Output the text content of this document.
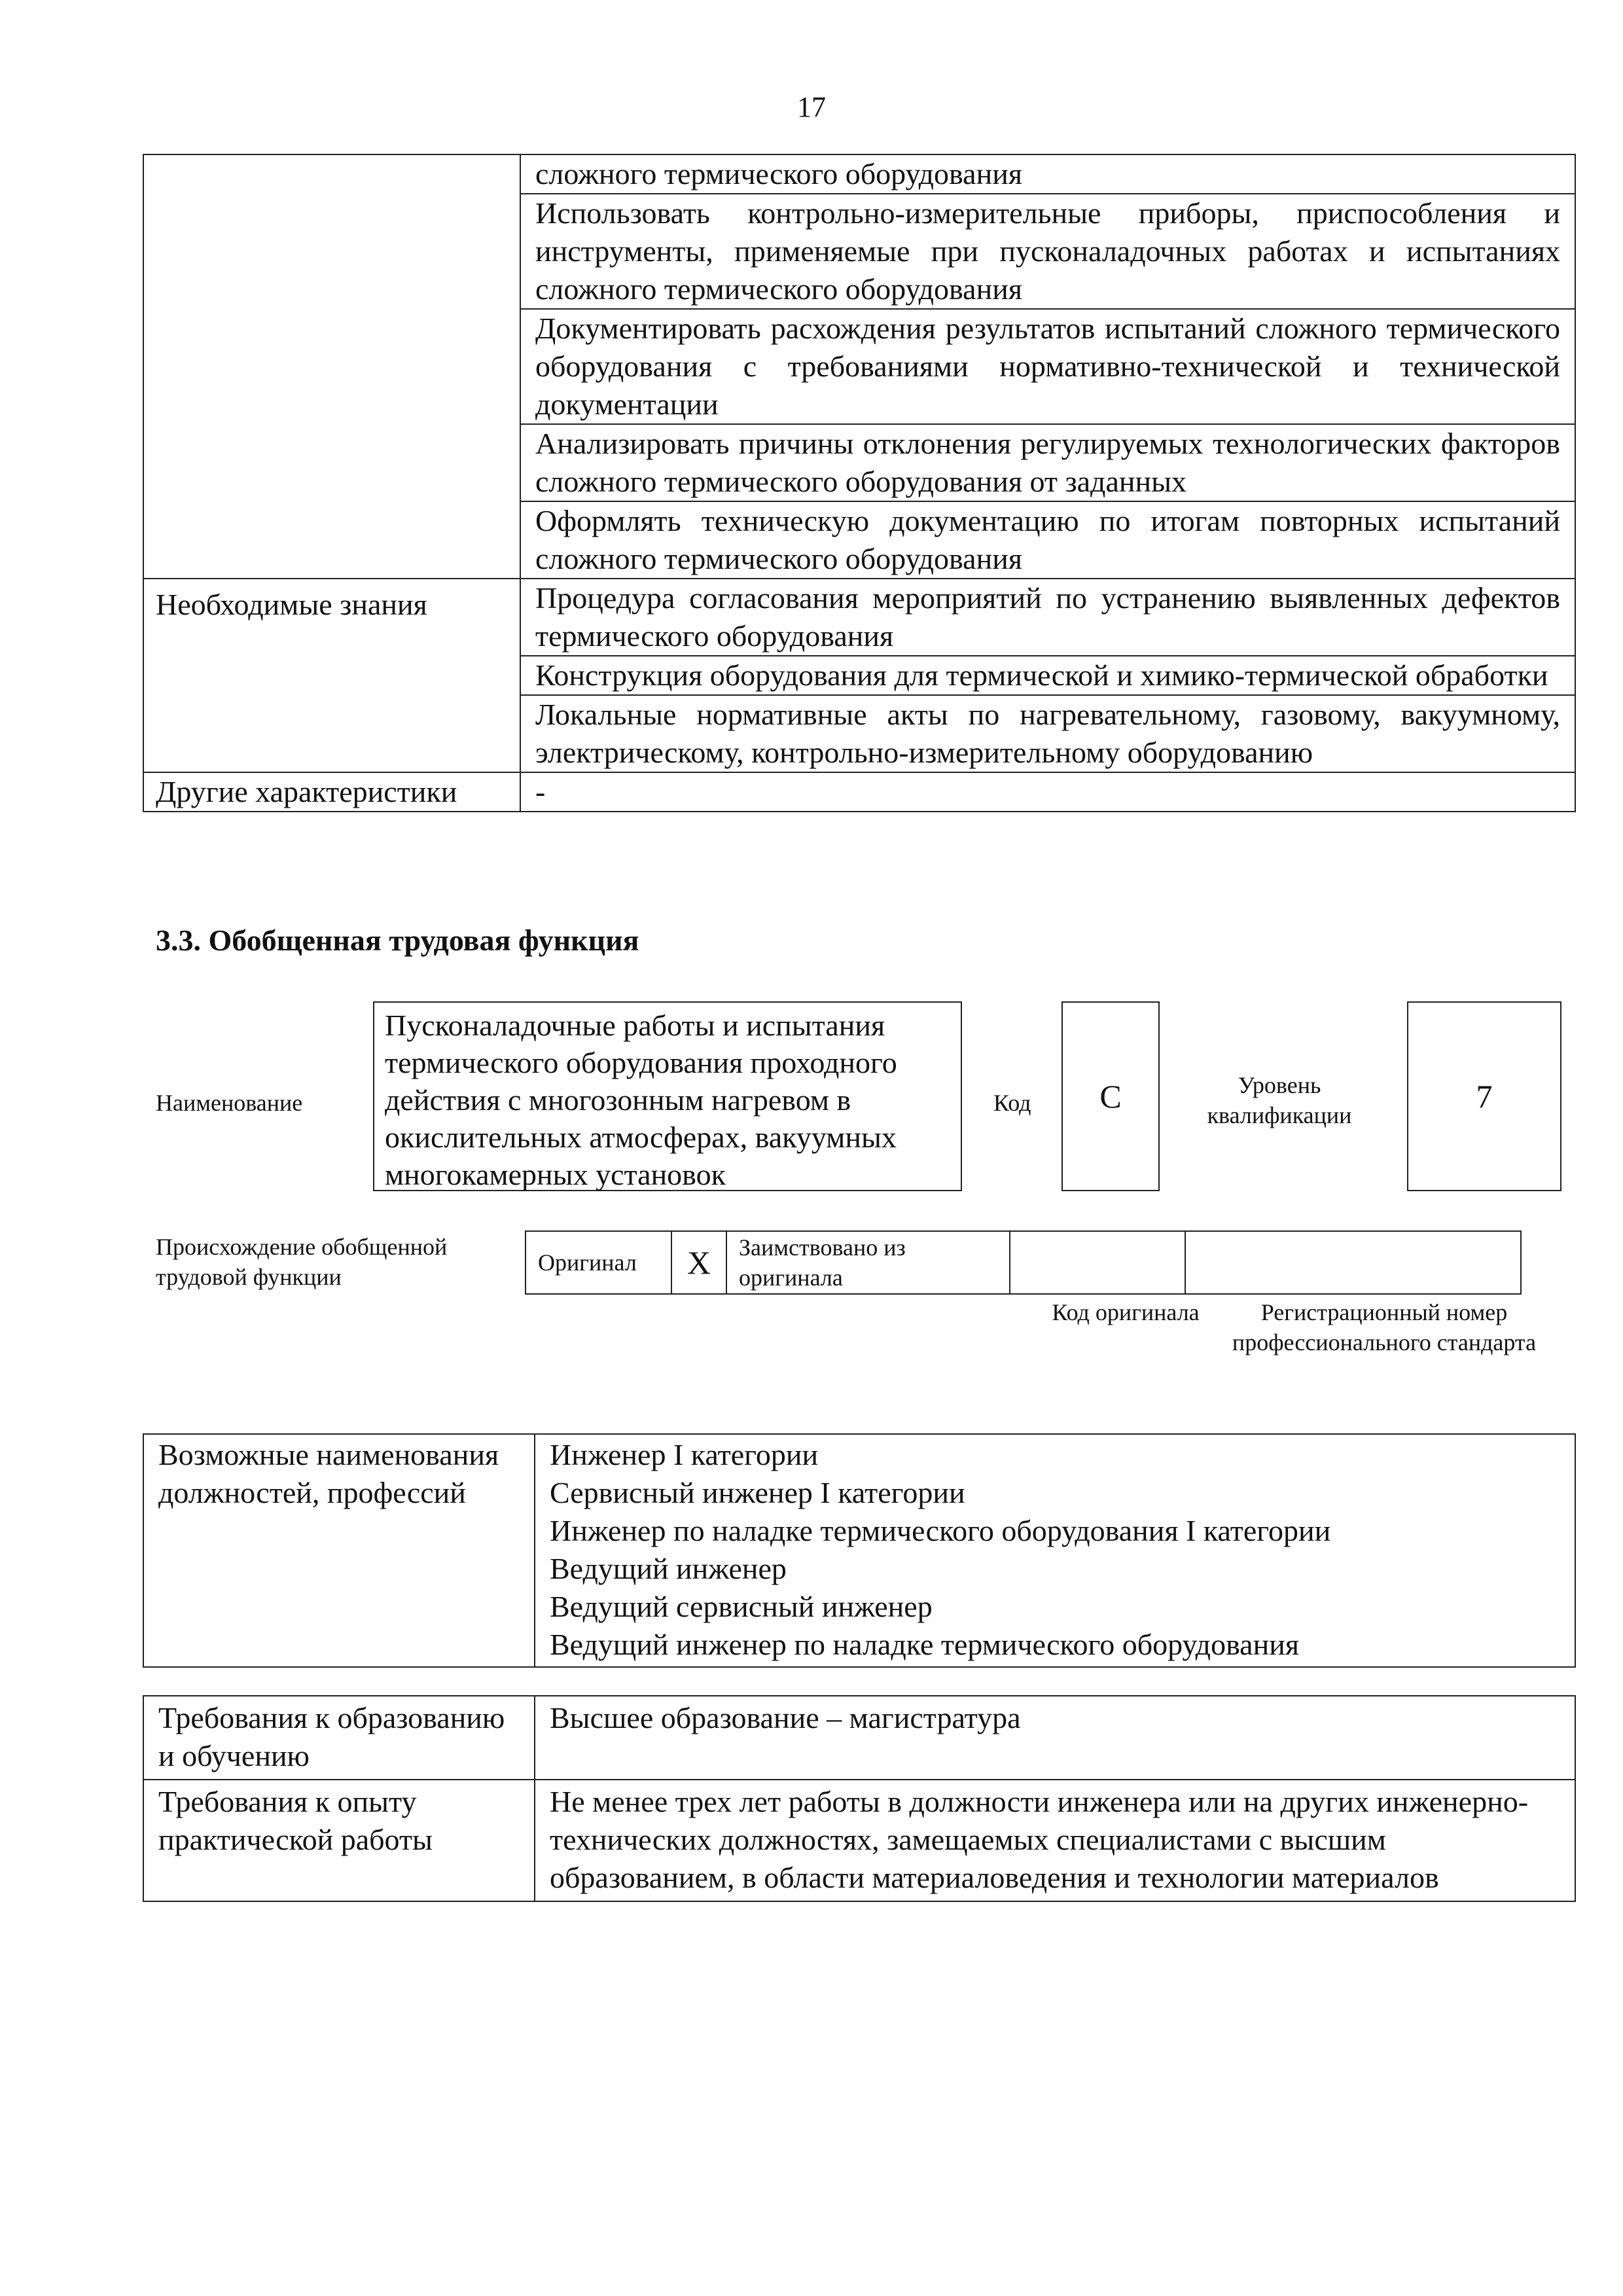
17
	сложного термического оборудования
	Использовать контрольно-измерительные приборы, приспособления и инструменты, применяемые при пусконаладочных работах и испытаниях сложного термического оборудования
	Документировать расхождения результатов испытаний сложного термического оборудования с требованиями нормативно-технической и технической документации
	Анализировать причины отклонения регулируемых технологических факторов сложного термического оборудования от заданных
	Оформлять техническую документацию по итогам повторных испытаний сложного термического оборудования
Необходимые знания	Процедура согласования мероприятий по устранению выявленных дефектов термического оборудования
	Конструкция оборудования для термической и химико-термической обработки
	Локальные нормативные акты по нагревательному, газовому, вакуумному, электрическому, контрольно-измерительному оборудованию
Другие характеристики	-
3.3. Обобщенная трудовая функция
Наименование
Пусконаладочные работы и испытания термического оборудования проходного действия с многозонным нагревом в окислительных атмосферах, вакуумных многокамерных установок
Код	С	Уровень квалификации
7
Происхождение обобщенной трудовой функции
Оригинал	X	Заимствовано из оригинала		
Код оригинала	Регистрационный номер профессионального стандарта
Возможные наименования должностей, профессий	
Инженер I категории
Сервисный инженер I категории
Инженер по наладке термического оборудования I категории
Ведущий инженер
Ведущий сервисный инженер
Ведущий инженер по наладке термического оборудования
Требования к образованию и обучению	Высшее образование – магистратура
Требования к опыту практической работы	Не менее трех лет работы в должности инженера или на других инженерно-технических должностях, замещаемых специалистами с высшим образованием, в области материаловедения и технологии материалов
